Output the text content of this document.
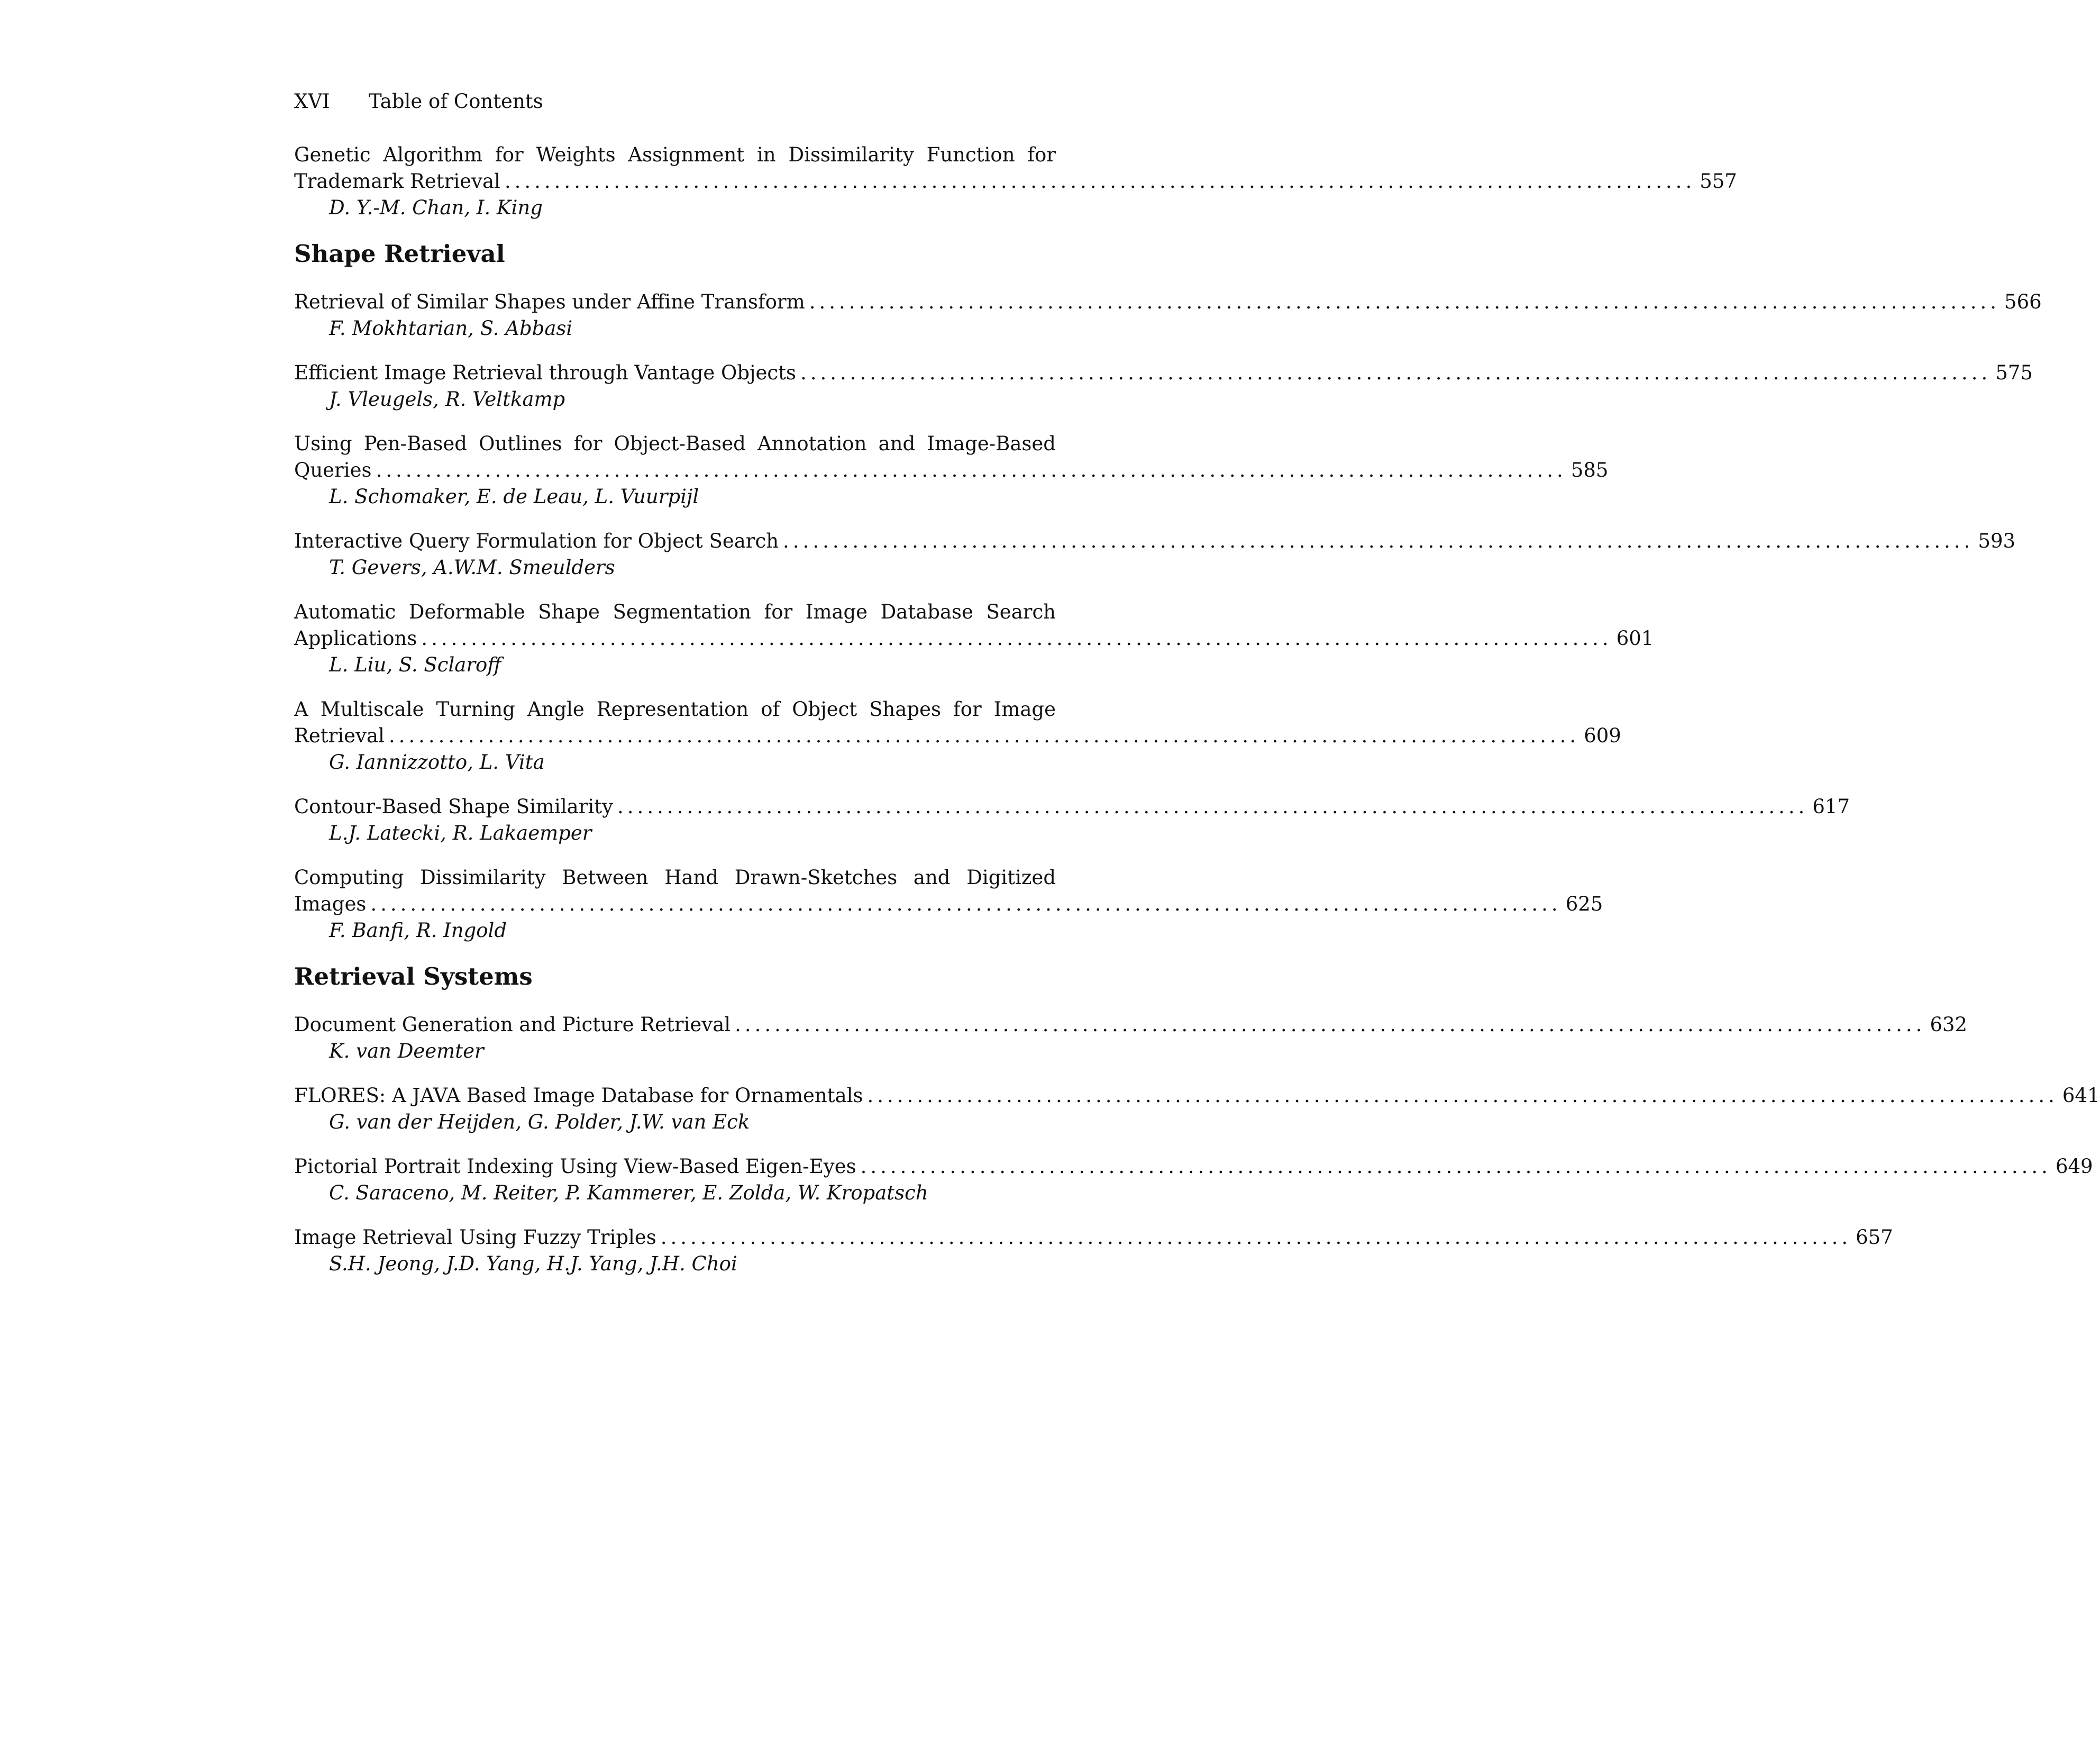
XVI Table of Contents
Genetic Algorithm for Weights Assignment in Dissimilarity Function for
Trademark Retrieval ........................................................................................................................ 557
D. Y.-M. Chan, I. King
Shape Retrieval
Retrieval of Similar Shapes under Affine Transform ........................................................................................................................ 566
F. Mokhtarian, S. Abbasi
Efficient Image Retrieval through Vantage Objects ........................................................................................................................ 575
J. Vleugels, R. Veltkamp
Using Pen-Based Outlines for Object-Based Annotation and Image-Based
Queries ........................................................................................................................ 585
L. Schomaker, E. de Leau, L. Vuurpijl
Interactive Query Formulation for Object Search ........................................................................................................................ 593
T. Gevers, A.W.M. Smeulders
Automatic Deformable Shape Segmentation for Image Database Search
Applications ........................................................................................................................ 601
L. Liu, S. Sclaroff
A Multiscale Turning Angle Representation of Object Shapes for Image
Retrieval ........................................................................................................................ 609
G. Iannizzotto, L. Vita
Contour-Based Shape Similarity ........................................................................................................................ 617
L.J. Latecki, R. Lakaemper
Computing Dissimilarity Between Hand Drawn-Sketches and Digitized
Images ........................................................................................................................ 625
F. Banfi, R. Ingold
Retrieval Systems
Document Generation and Picture Retrieval ........................................................................................................................ 632
K. van Deemter
FLORES: A JAVA Based Image Database for Ornamentals ........................................................................................................................ 641
G. van der Heijden, G. Polder, J.W. van Eck
Pictorial Portrait Indexing Using View-Based Eigen-Eyes ........................................................................................................................ 649
C. Saraceno, M. Reiter, P. Kammerer, E. Zolda, W. Kropatsch
Image Retrieval Using Fuzzy Triples ........................................................................................................................ 657
S.H. Jeong, J.D. Yang, H.J. Yang, J.H. Choi
